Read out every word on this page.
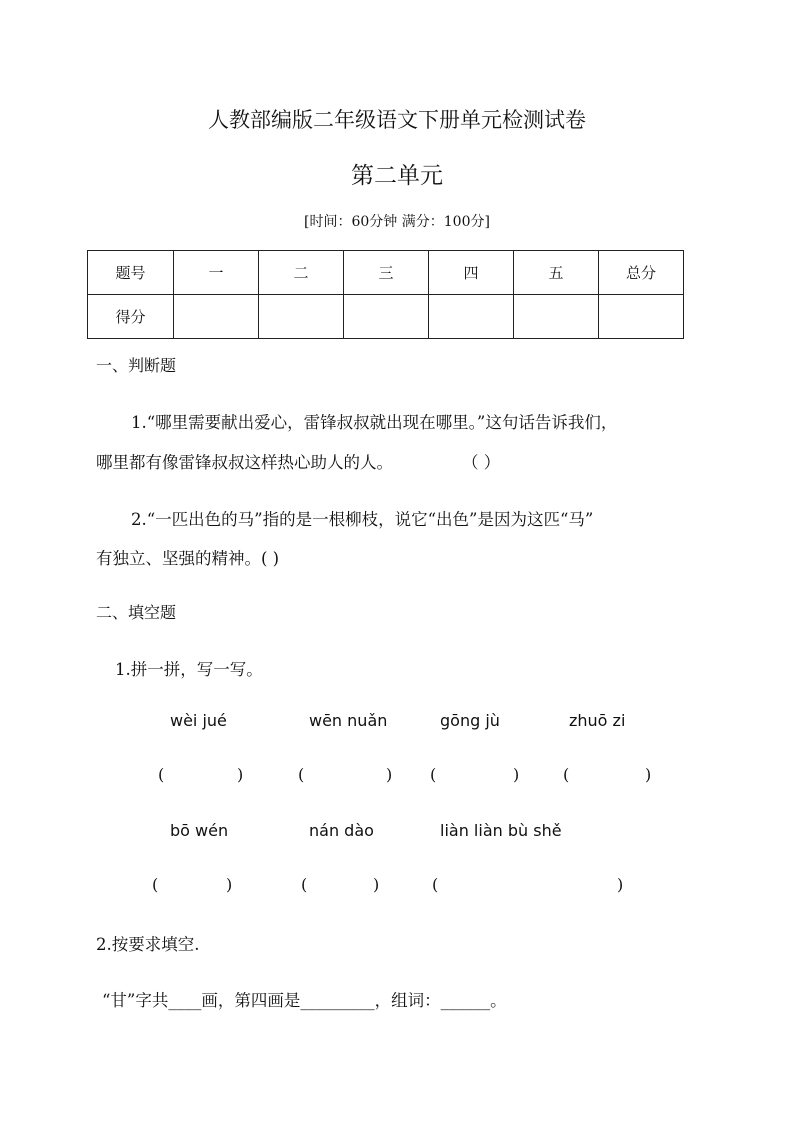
人教部编版二年级语文下册单元检测试卷
第二单元
[时间：60分钟 满分：100分]
题号	一	二	三	四	五	总分
得分						
一、判断题
1.“哪里需要献出爱心，雷锋叔叔就出现在哪里。”这句话告诉我们，
哪里都有像雷锋叔叔这样热心助人的人。	（ ）
2.“一匹出色的马”指的是一根柳枝，说它“出色”是因为这匹“马”
有独立、坚强的精神。( )
二、填空题
1.拼一拼，写一写。
wèi jué	wēn nuǎn	gōng jù	zhuō zi
(	)	(	) (	)	(	)
bō wén	nán dào	liàn liàn bù shě
(	)	(	)	(	)
2.按要求填空.
“甘”字共____画，第四画是_________，组词：______。
